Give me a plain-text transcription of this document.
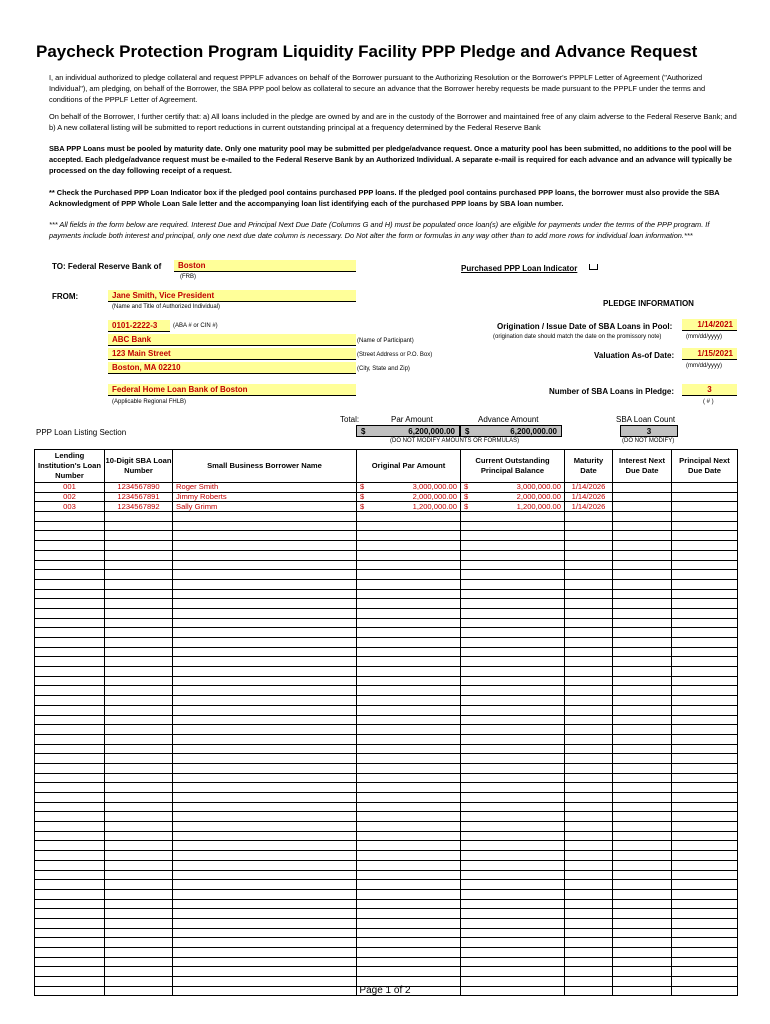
Paycheck Protection Program Liquidity Facility PPP Pledge and Advance Request

I, an individual authorized to pledge collateral and request PPPLF advances on behalf of the Borrower pursuant to the Authorizing Resolution or the Borrower's PPPLF Letter of Agreement ("Authorized Individual"), am pledging, on behalf of the Borrower, the SBA PPP pool below as collateral to secure an advance that the Borrower hereby requests be made pursuant to the PPPLF under the terms and conditions of the PPPLF Letter of Agreement.

On behalf of the Borrower, I further certify that: a) All loans included in the pledge are owned by and are in the custody of the Borrower and maintained free of any claim adverse to the Federal Reserve Bank; and b) A new collateral listing will be submitted to report reductions in current outstanding principal at a frequency determined by the Federal Reserve Bank

SBA PPP Loans must be pooled by maturity date. Only one maturity pool may be submitted per pledge/advance request. Once a maturity pool has been submitted, no additions to the pool will be accepted. Each pledge/advance request must be e-mailed to the Federal Reserve Bank by an Authorized Individual. A separate e-mail is required for each advance and an advance will typically be processed on the day following receipt of a request.

** Check the Purchased PPP Loan Indicator box if the pledged pool contains purchased PPP loans. If the pledged pool contains purchased PPP loans, the borrower must also provide the SBA Acknowledgment of PPP Whole Loan Sale letter and the accompanying loan list identifying each of the purchased PPP loans by SBA loan number.

*** All fields in the form below are required. Interest Due and Principal Next Due Date (Columns G and H) must be populated once loan(s) are eligible for payments under the terms of the PPP program. If payments include both interest and principal, only one next due date column is necessary. Do Not alter the form or formulas in any way other than to add more rows for individual loan information.***

TO: Federal Reserve Bank of	Boston
(FRB)
Purchased PPP Loan Indicator
FROM:	Jane Smith, Vice President
(Name and Title of Authorized Individual)	PLEDGE INFORMATION
0101-2222-3	(ABA # or CIN #)
ABC Bank	(Name of Participant)
123 Main Street	(Street Address or P.O. Box)
Boston, MA 02210	(City, State and Zip)
Federal Home Loan Bank of Boston
(Applicable Regional FHLB)
Origination / Issue Date of SBA Loans in Pool:	1/14/2021
(origination date should match the date on the promissory note)	(mm/dd/yyyy)
Valuation As-of Date:	1/15/2021
(mm/dd/yyyy)
Number of SBA Loans in Pledge:	3
( # )
Total:	Par Amount	Advance Amount	SBA Loan Count
PPP Loan Listing Section	$	6,200,000.00 $	6,200,000.00	3
(DO NOT MODIFY AMOUNTS OR FORMULAS)	(DO NOT MODIFY)
Lending Institution's Loan Number	10-Digit SBA Loan Number	Small Business Borrower Name	Original Par Amount	Current Outstanding Principal Balance	Maturity Date	Interest Next Due Date	Principal Next Due Date
001	1234567890	Roger Smith	$ 3,000,000.00	$ 3,000,000.00	1/14/2026		
002	1234567891	Jimmy Roberts	$ 2,000,000.00	$ 2,000,000.00	1/14/2026		
003	1234567892	Sally Grimm	$ 1,200,000.00	$ 1,200,000.00	1/14/2026		

Page 1 of 2
